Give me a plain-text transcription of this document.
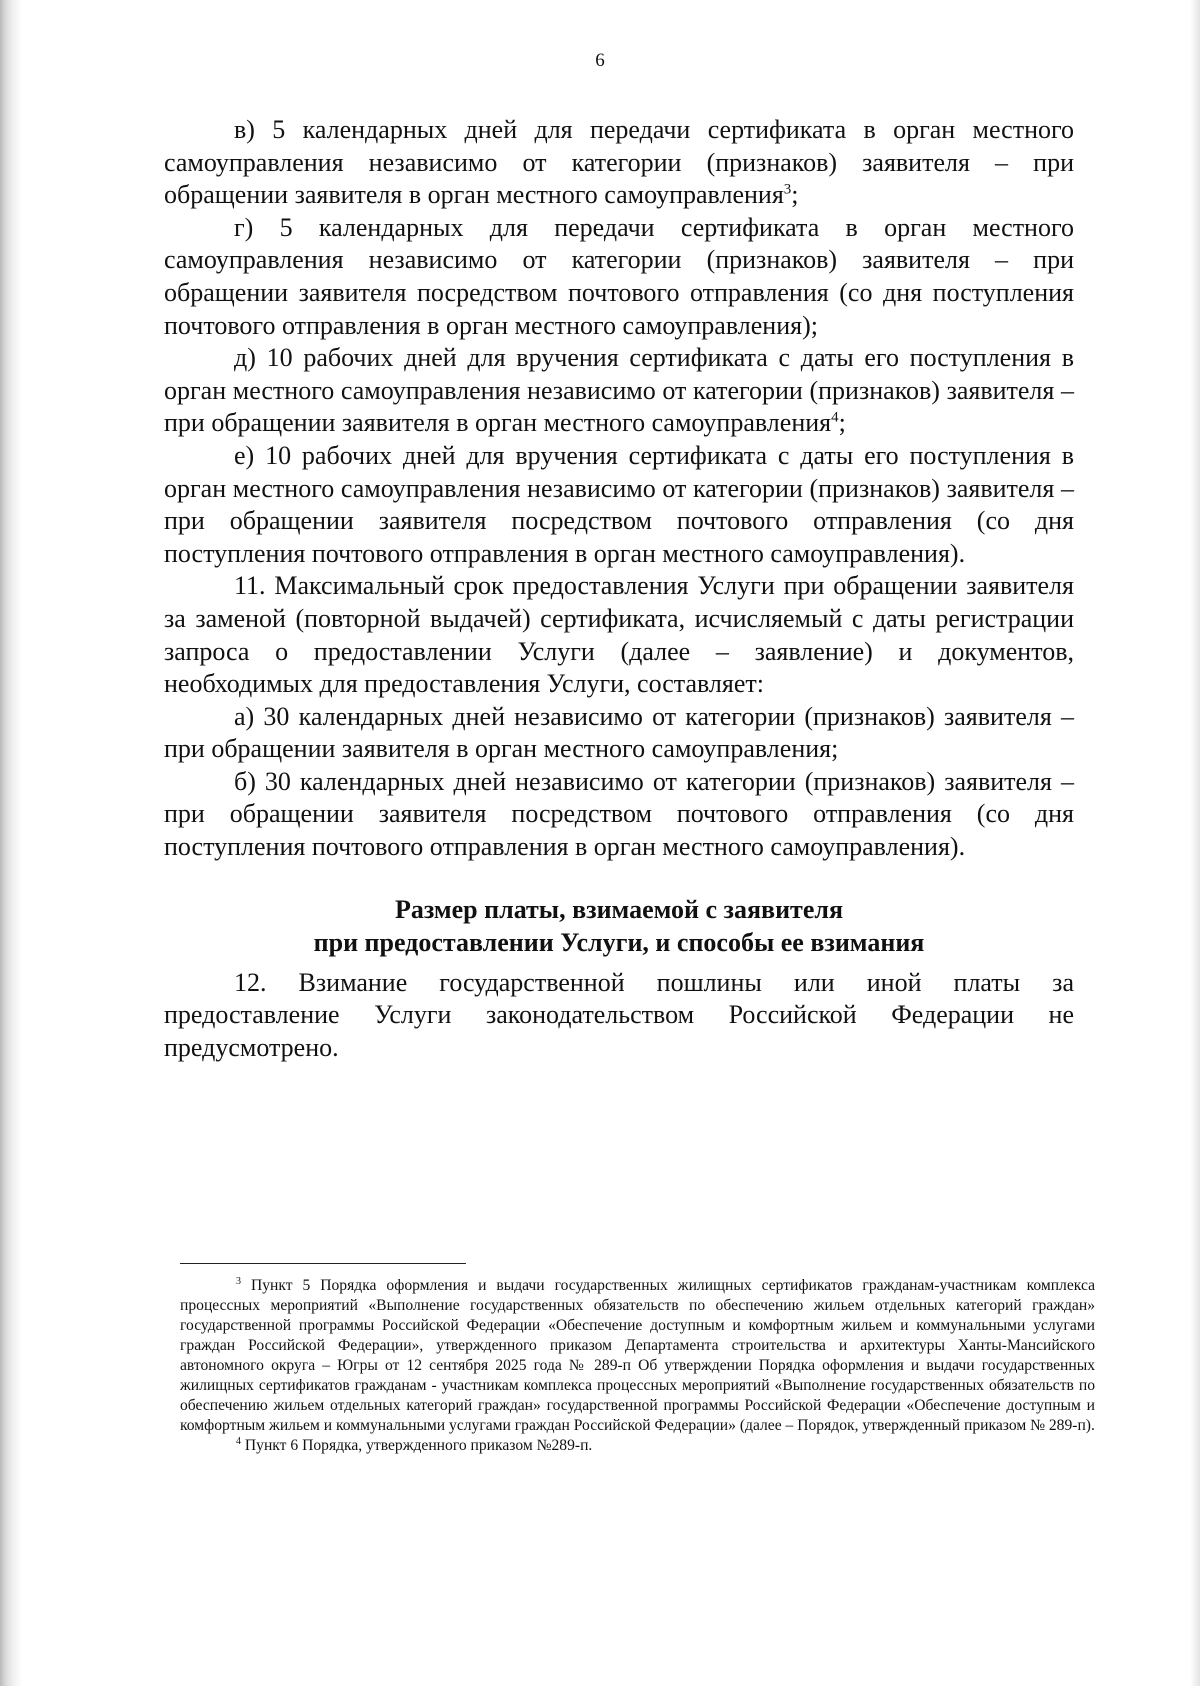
6

в) 5 календарных дней для передачи сертификата в орган местного самоуправления независимо от категории (признаков) заявителя – при обращении заявителя в орган местного самоуправления$^3$;

г) 5 календарных для передачи сертификата в орган местного самоуправления независимо от категории (признаков) заявителя – при обращении заявителя посредством почтового отправления (со дня поступления почтового отправления в орган местного самоуправления);

д) 10 рабочих дней для вручения сертификата с даты его поступления в орган местного самоуправления независимо от категории (признаков) заявителя – при обращении заявителя в орган местного самоуправления$^4$;

е) 10 рабочих дней для вручения сертификата с даты его поступления в орган местного самоуправления независимо от категории (признаков) заявителя – при обращении заявителя посредством почтового отправления (со дня поступления почтового отправления в орган местного самоуправления).

11. Максимальный срок предоставления Услуги при обращении заявителя за заменой (повторной выдачей) сертификата, исчисляемый с даты регистрации запроса о предоставлении Услуги (далее – заявление) и документов, необходимых для предоставления Услуги, составляет:

а) 30 календарных дней независимо от категории (признаков) заявителя – при обращении заявителя в орган местного самоуправления;

б) 30 календарных дней независимо от категории (признаков) заявителя – при обращении заявителя посредством почтового отправления (со дня поступления почтового отправления в орган местного самоуправления).

Размер платы, взимаемой с заявителя
при предоставлении Услуги, и способы ее взимания

12. Взимание государственной пошлины или иной платы за предоставление Услуги законодательством Российской Федерации не предусмотрено.

$^3$ Пункт 5 Порядка оформления и выдачи государственных жилищных сертификатов гражданам-участникам комплекса процессных мероприятий «Выполнение государственных обязательств по обеспечению жильем отдельных категорий граждан» государственной программы Российской Федерации «Обеспечение доступным и комфортным жильем и коммунальными услугами граждан Российской Федерации», утвержденного приказом Департамента строительства и архитектуры Ханты-Мансийского автономного округа – Югры от 12 сентября 2025 года № 289-п Об утверждении Порядка оформления и выдачи государственных жилищных сертификатов гражданам - участникам комплекса процессных мероприятий «Выполнение государственных обязательств по обеспечению жильем отдельных категорий граждан» государственной программы Российской Федерации «Обеспечение доступным и комфортным жильем и коммунальными услугами граждан Российской Федерации» (далее – Порядок, утвержденный приказом № 289-п).

$^4$ Пункт 6 Порядка, утвержденного приказом №289-п.
